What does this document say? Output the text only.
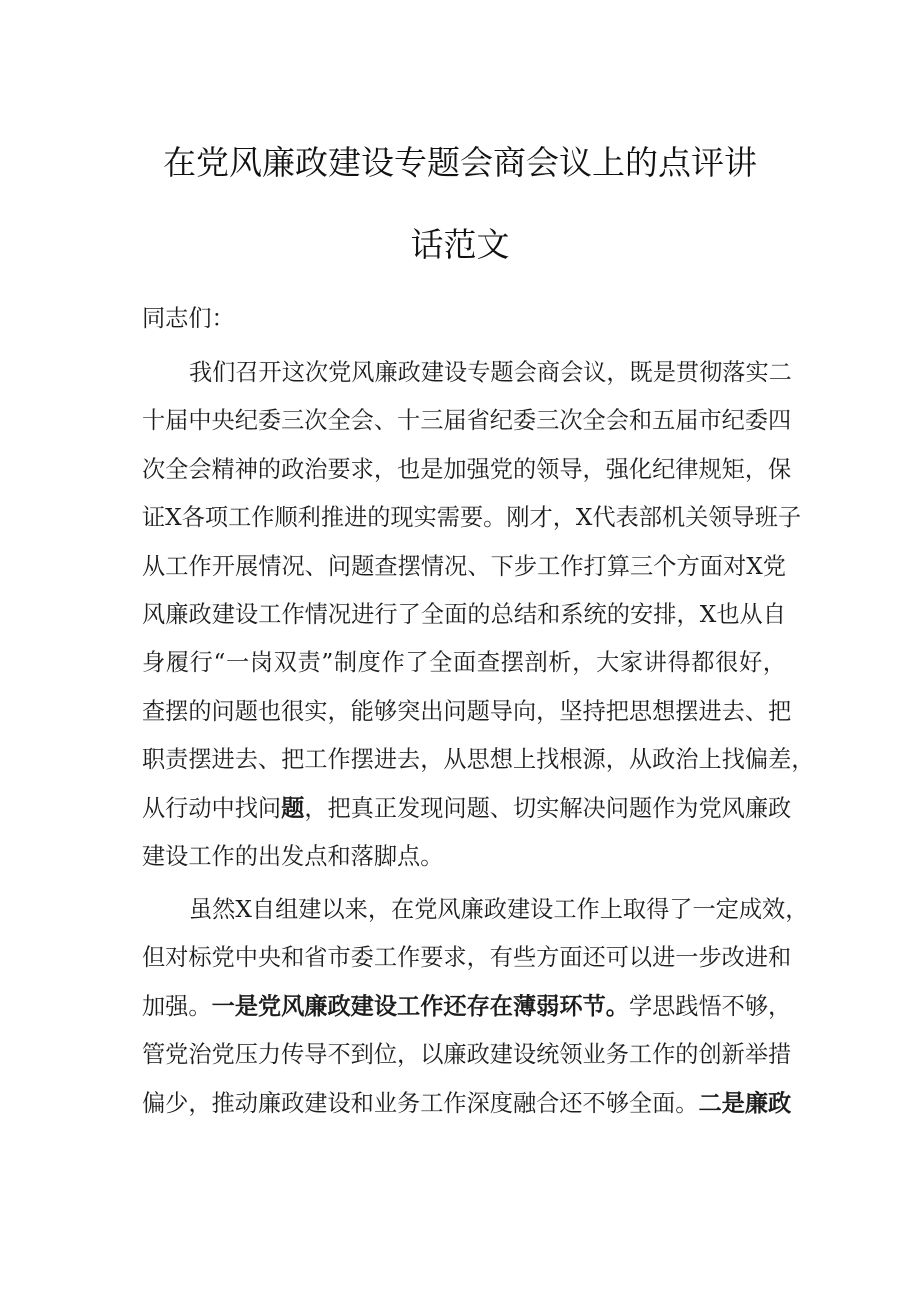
在党风廉政建设专题会商会议上的点评讲
话范文
同志们：
我们召开这次党风廉政建设专题会商会议，既是贯彻落实二
十届中央纪委三次全会、十三届省纪委三次全会和五届市纪委四
次全会精神的政治要求，也是加强党的领导，强化纪律规矩，保
证X各项工作顺利推进的现实需要。刚才，X代表部机关领导班子
从工作开展情况、问题查摆情况、下步工作打算三个方面对X党
风廉政建设工作情况进行了全面的总结和系统的安排，X也从自
身履行“一岗双责”制度作了全面查摆剖析，大家讲得都很好，
查摆的问题也很实，能够突出问题导向，坚持把思想摆进去、把
职责摆进去、把工作摆进去，从思想上找根源，从政治上找偏差，
从行动中找问题，把真正发现问题、切实解决问题作为党风廉政
建设工作的出发点和落脚点。
虽然X自组建以来，在党风廉政建设工作上取得了一定成效，
但对标党中央和省市委工作要求，有些方面还可以进一步改进和
加强。一是党风廉政建设工作还存在薄弱环节。学思践悟不够，
管党治党压力传导不到位，以廉政建设统领业务工作的创新举措
偏少，推动廉政建设和业务工作深度融合还不够全面。二是廉政
